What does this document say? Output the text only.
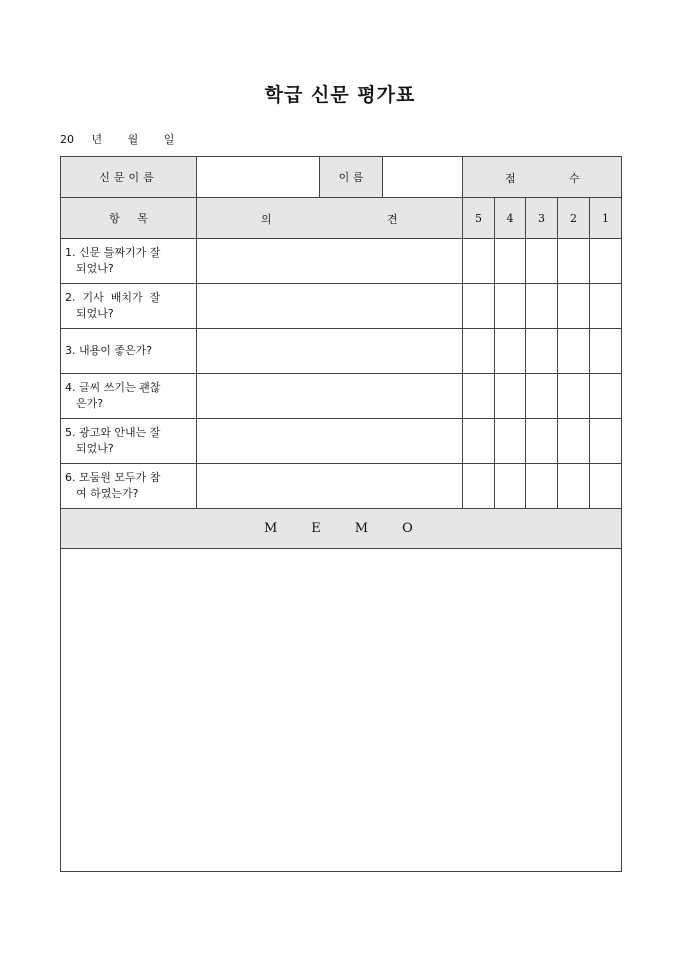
학급 신문 평가표
20 년 월 일
신문이름		이 름		점 수				

항     목	의 견			5	4	3	2	1

1. 신문 틀짜기가 잘
되었나?								

2.  기사  배치가  잘
되었나?								

3. 내용이 좋은가?								

4. 글씨 쓰기는 괜찮
은가?								

5. 광고와 안내는 잘
되었나?								

6. 모둠원 모두가 참
여 하였는가?								

MEMO								
